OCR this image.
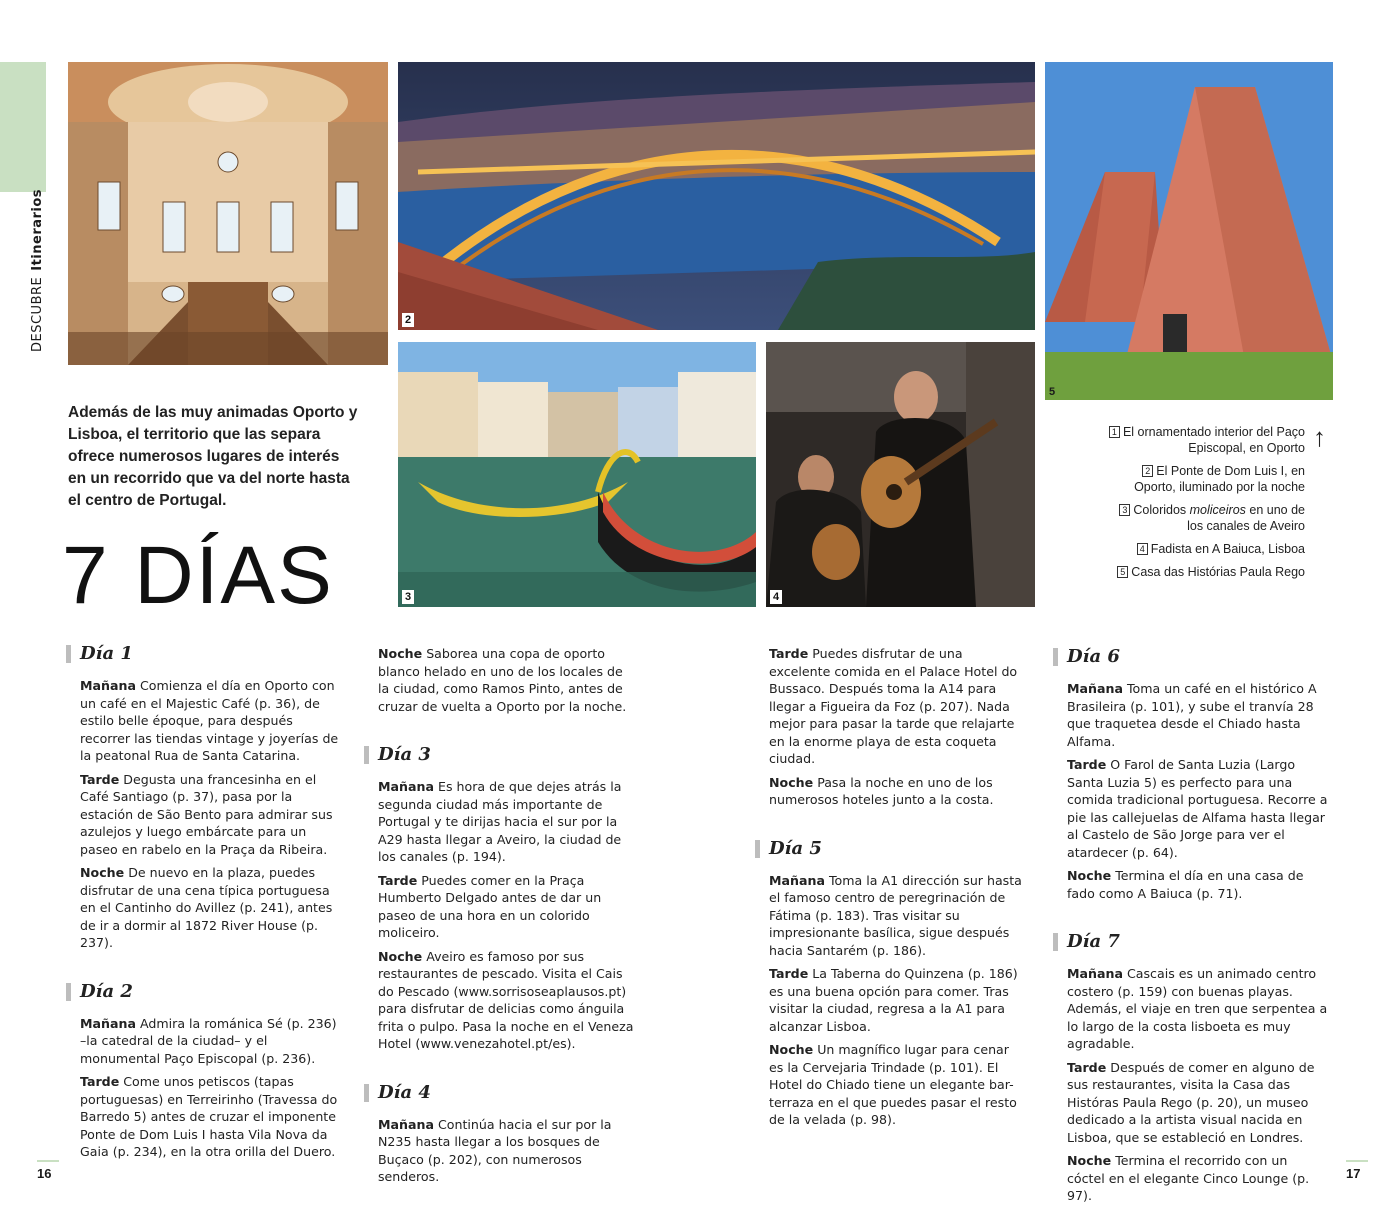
DESCUBREItinerarios
2
3	4
5

Además de las muy animadas Oporto y Lisboa, el territorio que las separa ofrece numerosos lugares de interés en un recorrido que va del norte hasta el centro de Portugal.

7 DÍAS
1 El ornamentado interior del Paço Episcopal, en Oporto
2 El Ponte de Dom Luis I, en Oporto, iluminado por la noche
3 Coloridos moliceiros en uno de los canales de Aveiro
4 Fadista en A Baiuca, Lisboa
5 Casa das Histórias Paula Rego
↑
Día 1

Mañana Comienza el día en Oporto con un café en el Majestic Café (p. 36), de estilo belle époque, para después recorrer las tiendas vintage y joyerías de la peatonal Rua de Santa Catarina.

Tarde Degusta una francesinha en el Café Santiago (p. 37), pasa por la estación de São Bento para admirar sus azulejos y luego embárcate para un paseo en rabelo en la Praça da Ribeira.

Noche De nuevo en la plaza, puedes disfrutar de una cena típica portuguesa en el Cantinho do Avillez (p. 241), antes de ir a dormir al 1872 River House (p. 237).

Día 2

Mañana Admira la románica Sé (p. 236) –la catedral de la ciudad– y el monumental Paço Episcopal (p. 236).

Tarde Come unos petiscos (tapas portuguesas) en Terreirinho (Travessa do Barredo 5) antes de cruzar el imponente Ponte de Dom Luis I hasta Vila Nova da Gaia (p. 234), en la otra orilla del Duero.

Noche Saborea una copa de oporto blanco helado en uno de los locales de la ciudad, como Ramos Pinto, antes de cruzar de vuelta a Oporto por la noche.

Día 3

Mañana Es hora de que dejes atrás la segunda ciudad más importante de Portugal y te dirijas hacia el sur por la A29 hasta llegar a Aveiro, la ciudad de los canales (p. 194).

Tarde Puedes comer en la Praça Humberto Delgado antes de dar un paseo de una hora en un colorido moliceiro.

Noche Aveiro es famoso por sus restaurantes de pescado. Visita el Cais do Pescado (www.sorrisoseaplausos.pt) para disfrutar de delicias como ánguila frita o pulpo. Pasa la noche en el Veneza Hotel (www.venezahotel.pt/es).

Día 4

Mañana Continúa hacia el sur por la N235 hasta llegar a los bosques de Buçaco (p. 202), con numerosos senderos.

Tarde Puedes disfrutar de una excelente comida en el Palace Hotel do Bussaco. Después toma la A14 para llegar a Figueira da Foz (p. 207). Nada mejor para pasar la tarde que relajarte en la enorme playa de esta coqueta ciudad.

Noche Pasa la noche en uno de los numerosos hoteles junto a la costa.

Día 5

Mañana Toma la A1 dirección sur hasta el famoso centro de peregrinación de Fátima (p. 183). Tras visitar su impresionante basílica, sigue después hacia Santarém (p. 186).

Tarde La Taberna do Quinzena (p. 186) es una buena opción para comer. Tras visitar la ciudad, regresa a la A1 para alcanzar Lisboa.

Noche Un magnífico lugar para cenar es la Cervejaria Trindade (p. 101). El Hotel do Chiado tiene un elegante bar-terraza en el que puedes pasar el resto de la velada (p. 98).

Día 6

Mañana Toma un café en el histórico A Brasileira (p. 101), y sube el tranvía 28 que traquetea desde el Chiado hasta Alfama.

Tarde O Farol de Santa Luzia (Largo Santa Luzia 5) es perfecto para una comida tradicional portuguesa. Recorre a pie las callejuelas de Alfama hasta llegar al Castelo de São Jorge para ver el atardecer (p. 64).

Noche Termina el día en una casa de fado como A Baiuca (p. 71).

Día 7

Mañana Cascais es un animado centro costero (p. 159) con buenas playas. Además, el viaje en tren que serpentea a lo largo de la costa lisboeta es muy agradable.

Tarde Después de comer en alguno de sus restaurantes, visita la Casa das Históras Paula Rego (p. 20), un museo dedicado a la artista visual nacida en Lisboa, que se estableció en Londres.

Noche Termina el recorrido con un cóctel en el elegante Cinco Lounge (p. 97).

16	17
